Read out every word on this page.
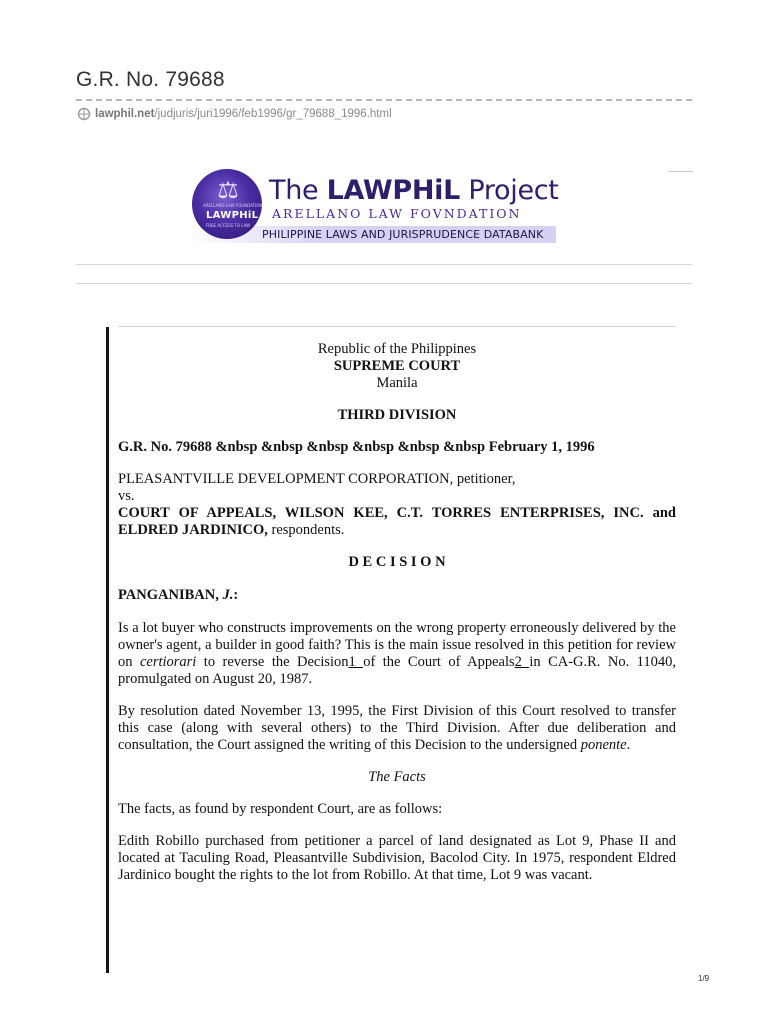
G.R. No. 79688
lawphil.net /judjuris/juri1996/feb1996/gr_79688_1996.html
⚖
ARELLANO LAW FOUNDATION
LAWPHiL
FREE ACCESS TO LAW
The LAWPHiL Project
ARELLANO LAW FOVNDATION
PHILIPPINE LAWS AND JURISPRUDENCE DATABANK

Republic of the Philippines

SUPREME COURT

Manila

THIRD DIVISION

G.R. No. 79688 &nbsp &nbsp &nbsp &nbsp &nbsp &nbsp February 1, 1996

PLEASANTVILLE DEVELOPMENT CORPORATION, petitioner,

vs.

COURT OF APPEALS, WILSON KEE, C.T. TORRES ENTERPRISES, INC. and ELDRED JARDINICO, respondents.

D E C I S I O N

PANGANIBAN, J.:

Is a lot buyer who constructs improvements on the wrong property erroneously delivered by the owner's agent, a builder in good faith? This is the main issue resolved in this petition for review on certiorari to reverse the Decision1 of the Court of Appeals2 in CA-G.R. No. 11040, promulgated on August 20, 1987.

By resolution dated November 13, 1995, the First Division of this Court resolved to transfer this case (along with several others) to the Third Division. After due deliberation and consultation, the Court assigned the writing of this Decision to the undersigned ponente.

The Facts

The facts, as found by respondent Court, are as follows:

Edith Robillo purchased from petitioner a parcel of land designated as Lot 9, Phase II and located at Taculing Road, Pleasantville Subdivision, Bacolod City. In 1975, respondent Eldred Jardinico bought the rights to the lot from Robillo. At that time, Lot 9 was vacant.

1/9
